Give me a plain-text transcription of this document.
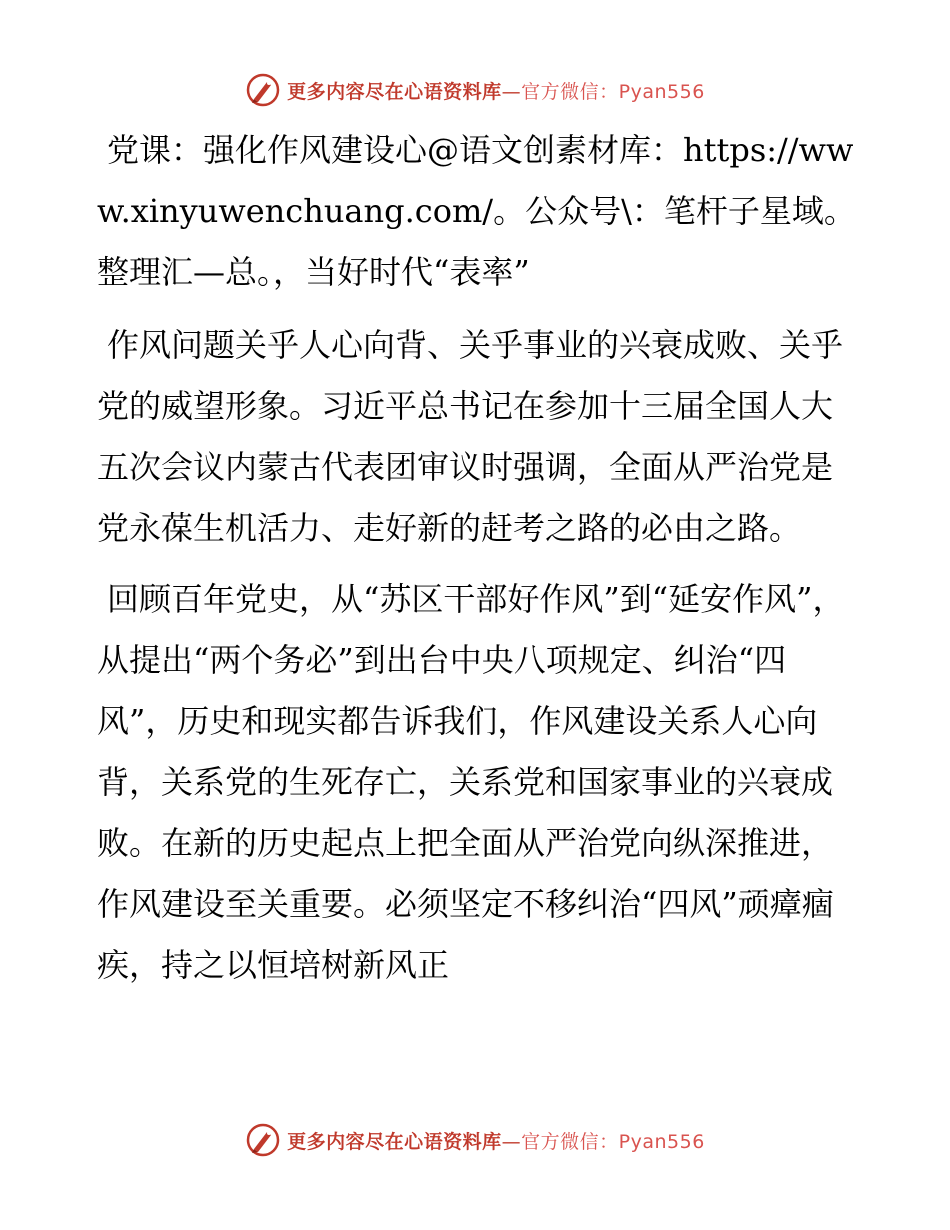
更多内容尽在心语资料库—官方微信：Pyan556

党课：强化作风建设心@语文创素材库：https://www.xinyuwenchuang.com/。公众号\：笔杆子星域。整理汇—总。，当好时代“表率”

作风问题关乎人心向背、关乎事业的兴衰成败、关乎党的威望形象。习近平总书记在参加十三届全国人大五次会议内蒙古代表团审议时强调，全面从严治党是党永葆生机活力、走好新的赶考之路的必由之路。

回顾百年党史，从“苏区干部好作风”到“延安作风”，从提出“两个务必”到出台中央八项规定、纠治“四风”，历史和现实都告诉我们，作风建设关系人心向背，关系党的生死存亡，关系党和国家事业的兴衰成败。在新的历史起点上把全面从严治党向纵深推进，作风建设至关重要。必须坚定不移纠治“四风”顽瘴痼疾，持之以恒培树新风正

更多内容尽在心语资料库—官方微信：Pyan556
